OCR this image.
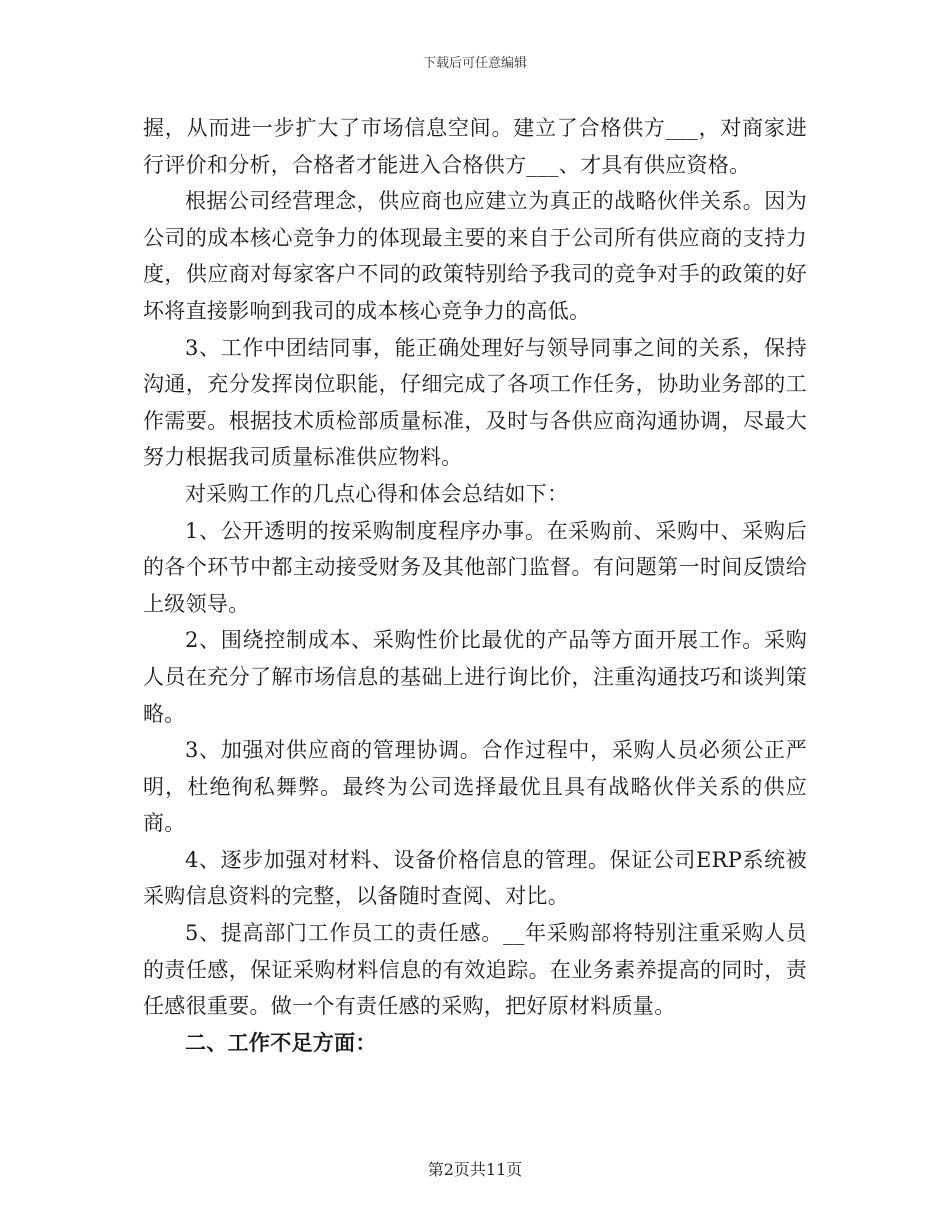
下载后可任意编辑

握，从而进一步扩大了市场信息空间。建立了合格供方___，对商家进行评价和分析，合格者才能进入合格供方___、才具有供应资格。

根据公司经营理念，供应商也应建立为真正的战略伙伴关系。因为公司的成本核心竞争力的体现最主要的来自于公司所有供应商的支持力度，供应商对每家客户不同的政策特别给予我司的竞争对手的政策的好坏将直接影响到我司的成本核心竞争力的高低。

3、工作中团结同事，能正确处理好与领导同事之间的关系，保持沟通，充分发挥岗位职能，仔细完成了各项工作任务，协助业务部的工作需要。根据技术质检部质量标准，及时与各供应商沟通协调，尽最大努力根据我司质量标准供应物料。

对采购工作的几点心得和体会总结如下：

1、公开透明的按采购制度程序办事。在采购前、采购中、采购后的各个环节中都主动接受财务及其他部门监督。有问题第一时间反馈给上级领导。

2、围绕控制成本、采购性价比最优的产品等方面开展工作。采购人员在充分了解市场信息的基础上进行询比价，注重沟通技巧和谈判策略。

3、加强对供应商的管理协调。合作过程中，采购人员必须公正严明，杜绝徇私舞弊。最终为公司选择最优且具有战略伙伴关系的供应商。

4、逐步加强对材料、设备价格信息的管理。保证公司ERP系统被采购信息资料的完整，以备随时查阅、对比。

5、提高部门工作员工的责任感。__年采购部将特别注重采购人员的责任感，保证采购材料信息的有效追踪。在业务素养提高的同时，责任感很重要。做一个有责任感的采购，把好原材料质量。

二、工作不足方面：

第2页共11页
